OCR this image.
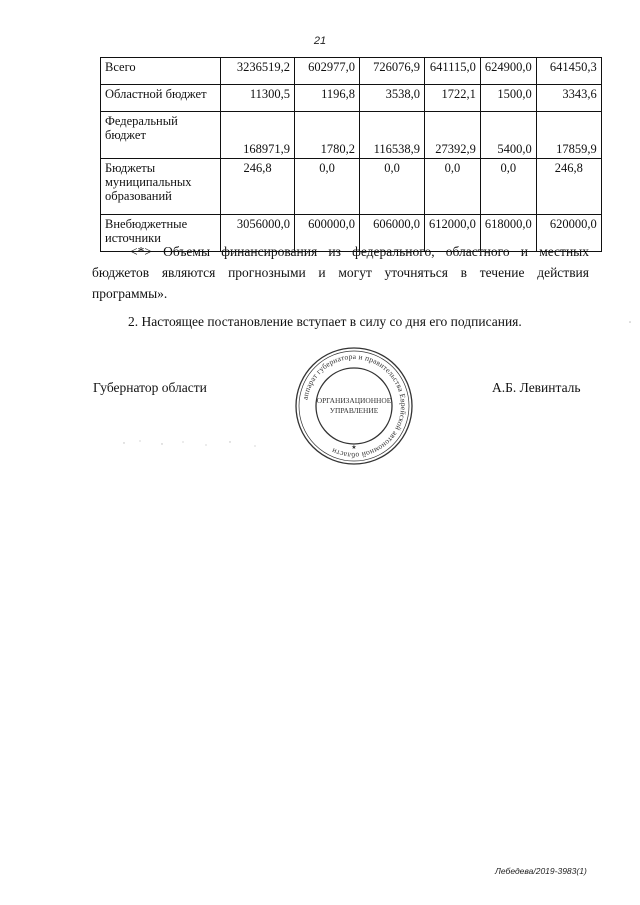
21
Всего	3236519,2	602977,0	726076,9	641115,0	624900,0	641450,3
Областной бюджет	11300,5	1196,8	3538,0	1722,1	1500,0	3343,6
Федеральный бюджет	168971,9	1780,2	116538,9	27392,9	5400,0	17859,9
Бюджеты муниципальных образований	246,8	0,0	0,0	0,0	0,0	246,8
Внебюджетные источники	3056000,0	600000,0	606000,0	612000,0	618000,0	620000,0
<*> Объемы финансирования из федерального, областного и местных бюджетов являются прогнозными и могут уточняться в течение действия программы».
2. Настоящее постановление вступает в силу со дня его подписания.
Губернатор области	А.Б. Левинталь
аппарат губернатора и правительства Еврейской автономной области
ОРГАНИЗАЦИОННОЕ
УПРАВЛЕНИЕ
★
Лебедева/2019-3983(1)
